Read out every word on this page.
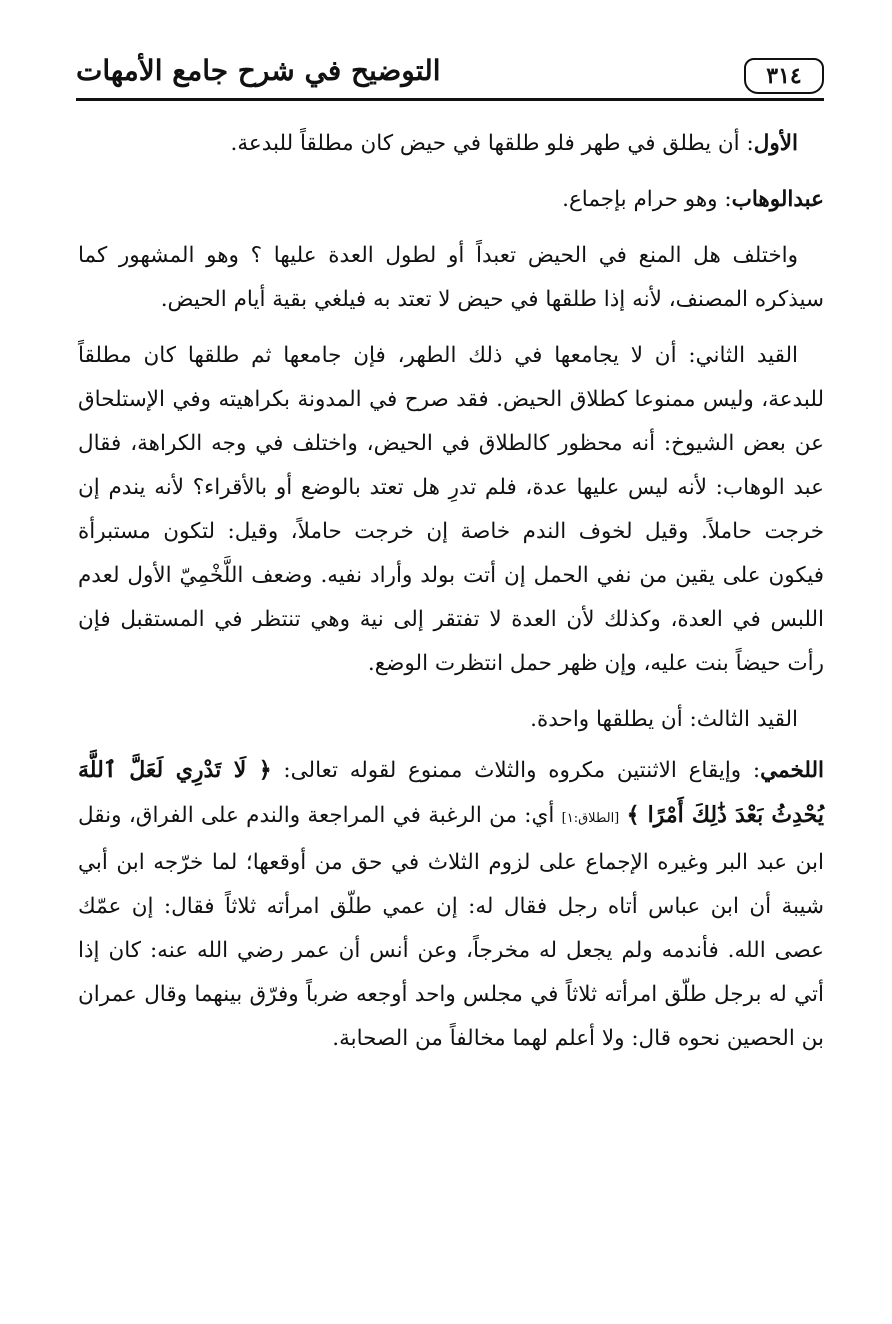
٣١٤
التوضيح في شرح جامع الأمهات

الأول: أن يطلق في طهر فلو طلقها في حيض كان مطلقاً للبدعة.

عبدالوهاب: وهو حرام بإجماع.

واختلف هل المنع في الحيض تعبداً أو لطول العدة عليها ؟ وهو المشهور كما سيذكره المصنف، لأنه إذا طلقها في حيض لا تعتد به فيلغي بقية أيام الحيض.

القيد الثاني: أن لا يجامعها في ذلك الطهر، فإن جامعها ثم طلقها كان مطلقاً للبدعة، وليس ممنوعا كطلاق الحيض. فقد صرح في المدونة بكراهيته وفي الإستلحاق عن بعض الشيوخ: أنه محظور كالطلاق في الحيض، واختلف في وجه الكراهة، فقال عبد الوهاب: لأنه ليس عليها عدة، فلم تدرِ هل تعتد بالوضع أو بالأقراء؟ لأنه يندم إن خرجت حاملاً. وقيل لخوف الندم خاصة إن خرجت حاملاً، وقيل: لتكون مستبرأة فيكون على يقين من نفي الحمل إن أتت بولد وأراد نفيه. وضعف اللَّخْمِيّ الأول لعدم اللبس في العدة، وكذلك لأن العدة لا تفتقر إلى نية وهي تنتظر في المستقبل فإن رأت حيضاً بنت عليه، وإن ظهر حمل انتظرت الوضع.

القيد الثالث: أن يطلقها واحدة.

اللخمي: وإيقاع الاثنتين مكروه والثلاث ممنوع لقوله تعالى: ﴿ لَا تَدْرِي لَعَلَّ ٱللَّهَ يُحْدِثُ بَعْدَ ذَٰلِكَ أَمْرًا ﴾ [الطلاق:١] أي: من الرغبة في المراجعة والندم على الفراق، ونقل ابن عبد البر وغيره الإجماع على لزوم الثلاث في حق من أوقعها؛ لما خرّجه ابن أبي شيبة أن ابن عباس أتاه رجل فقال له: إن عمي طلّق امرأته ثلاثاً فقال: إن عمّك عصى الله. فأندمه ولم يجعل له مخرجاً، وعن أنس أن عمر رضي الله عنه: كان إذا أتي له برجل طلّق امرأته ثلاثاً في مجلس واحد أوجعه ضرباً وفرّق بينهما وقال عمران بن الحصين نحوه قال: ولا أعلم لهما مخالفاً من الصحابة.
